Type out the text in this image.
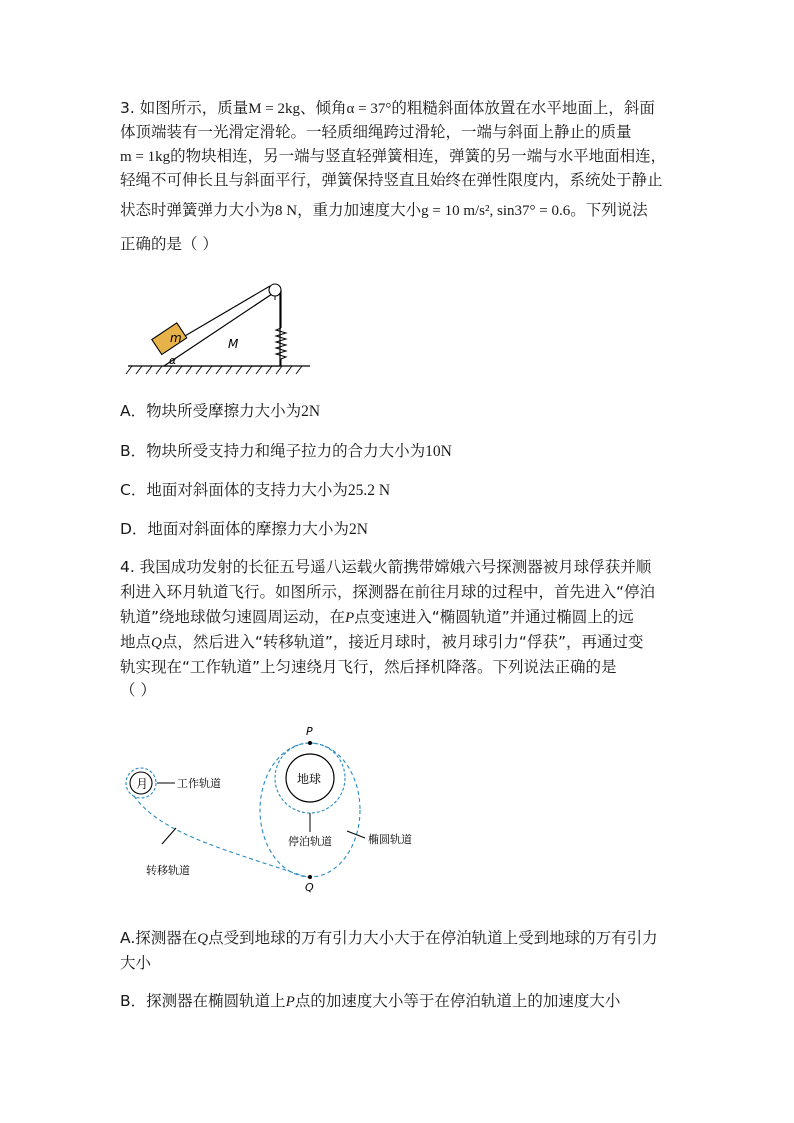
3. 如图所示，质量M = 2kg、倾角α = 37°的粗糙斜面体放置在水平地面上，斜面
体顶端装有一光滑定滑轮。一轻质细绳跨过滑轮，一端与斜面上静止的质量
m = 1kg的物块相连，另一端与竖直轻弹簧相连，弹簧的另一端与水平地面相连，
轻绳不可伸长且与斜面平行，弹簧保持竖直且始终在弹性限度内，系统处于静止
状态时弹簧弹力大小为8 N，重力加速度大小g = 10 m/s², sin37° = 0.6。下列说法
正确的是（ ）
m	M
α
A．物块所受摩擦力大小为2N
B．物块所受支持力和绳子拉力的合力大小为10N
C．地面对斜面体的支持力大小为25.2 N
D．地面对斜面体的摩擦力大小为2N
4. 我国成功发射的长征五号遥八运载火箭携带嫦娥六号探测器被月球俘获并顺
利进入环月轨道飞行。如图所示，探测器在前往月球的过程中，首先进入“停泊
轨道”绕地球做匀速圆周运动，在P点变速进入“椭圆轨道”并通过椭圆上的远
地点Q点，然后进入“转移轨道”，接近月球时，被月球引力“俘获”，再通过变
轨实现在“工作轨道”上匀速绕月飞行，然后择机降落。下列说法正确的是
（ ）
月	工作轨道
转移轨道
地球
停泊轨道	椭圆轨道
P
Q
A.探测器在Q点受到地球的万有引力大小大于在停泊轨道上受到地球的万有引力
大小
B．探测器在椭圆轨道上P点的加速度大小等于在停泊轨道上的加速度大小
